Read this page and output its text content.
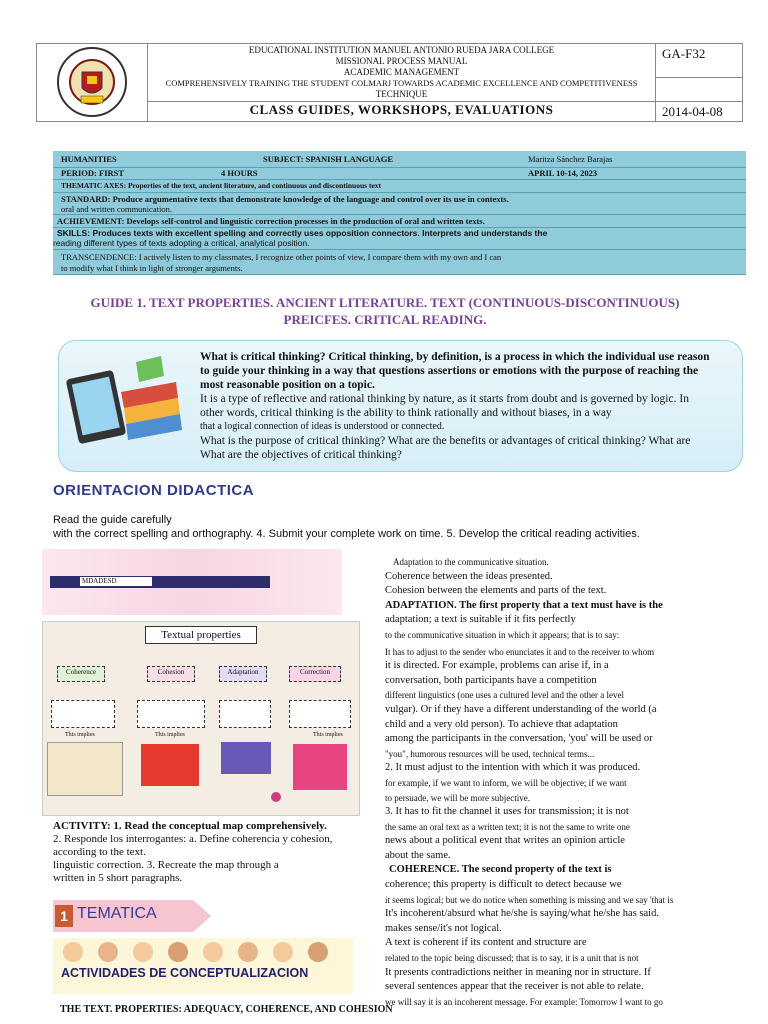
EDUCATIONAL INSTITUTION MANUEL ANTONIO RUEDA JARA COLLEGE
MISSIONAL PROCESS MANUAL
ACADEMIC MANAGEMENT
COMPREHENSIVELY TRAINING THE STUDENT COLMARJ TOWARDS ACADEMIC EXCELLENCE AND COMPETITIVENESS
TECHNIQUE
CLASS GUIDES, WORKSHOPS, EVALUATIONS
GA-F32
2014-04-08
HUMANITIES	SUBJECT: SPANISH LANGUAGE	Maritza Sánchez Barajas
PERIOD: FIRST	4 HOURS	APRIL 10-14, 2023
THEMATIC AXES: Properties of the text, ancient literature, and continuous and discontinuous text
STANDARD: Produce argumentative texts that demonstrate knowledge of the language and control over its use in contexts.
oral and written communication.
ACHIEVEMENT: Develops self-control and linguistic correction processes in the production of oral and written texts.
SKILLS: Produces texts with excellent spelling and correctly uses opposition connectors. Interprets and understands the
reading different types of texts adopting a critical, analytical position.
TRANSCENDENCE: I actively listen to my classmates, I recognize other points of view, I compare them with my own and I can
to modify what I think in light of stronger arguments.
GUIDE 1. TEXT PROPERTIES. ANCIENT LITERATURE. TEXT (CONTINUOUS-DISCONTINUOUS)
PREICFES. CRITICAL READING.
What is critical thinking? Critical thinking, by definition, is a process in which the individual use reason to guide your thinking in a way that questions assertions or emotions with the purpose of reaching the most reasonable position on a topic.
It is a type of reflective and rational thinking by nature, as it starts from doubt and is governed by logic. In other words, critical thinking is the ability to think rationally and without biases, in a way
that a logical connection of ideas is understood or connected.
What is the purpose of critical thinking? What are the benefits or advantages of critical thinking? What are What are the objectives of critical thinking?
ORIENTACION DIDACTICA
Read the guide carefully
with the correct spelling and orthography. 4. Submit your complete work on time. 5. Develop the critical reading activities.
MDADESD
Textual properties
Coherence	Cohesion	Adaptation	Correction
This implies	This implies	This implies
ACTIVITY: 1. Read the conceptual map comprehensively.
2. Responde los interrogantes: a. Define coherencia y cohesion, according to the text.
linguistic correction. 3. Recreate the map through a
written in 5 short paragraphs.
1 TEMATICA
ACTIVIDADES DE CONCEPTUALIZACION
THE TEXT. PROPERTIES: ADEQUACY, COHERENCE, AND COHESION

Adaptation to the communicative situation.

Coherence between the ideas presented.

Cohesion between the elements and parts of the text.

ADAPTATION. The first property that a text must have is the

adaptation; a text is suitable if it fits perfectly

to the communicative situation in which it appears; that is to say:

It has to adjust to the sender who enunciates it and to the receiver to whom

it is directed. For example, problems can arise if, in a

conversation, both participants have a competition

different linguistics (one uses a cultured level and the other a level

vulgar). Or if they have a different understanding of the world (a

child and a very old person). To achieve that adaptation

among the participants in the conversation, 'you' will be used or

"you", humorous resources will be used, technical terms...

2. It must adjust to the intention with which it was produced.

for example, if we want to inform, we will be objective; if we want

to persuade, we will be more subjective.

3. It has to fit the channel it uses for transmission; it is not

the same an oral text as a written text; it is not the same to write one

news about a political event that writes an opinion article

about the same.

COHERENCE. The second property of the text is

coherence; this property is difficult to detect because we

it seems logical; but we do notice when something is missing and we say 'that is

It's incoherent/absurd what he/she is saying/what he/she has said.

makes sense/it's not logical.

A text is coherent if its content and structure are

related to the topic being discussed; that is to say, it is a unit that is not

It presents contradictions neither in meaning nor in structure. If

several sentences appear that the receiver is not able to relate.

we will say it is an incoherent message. For example: Tomorrow I want to go
